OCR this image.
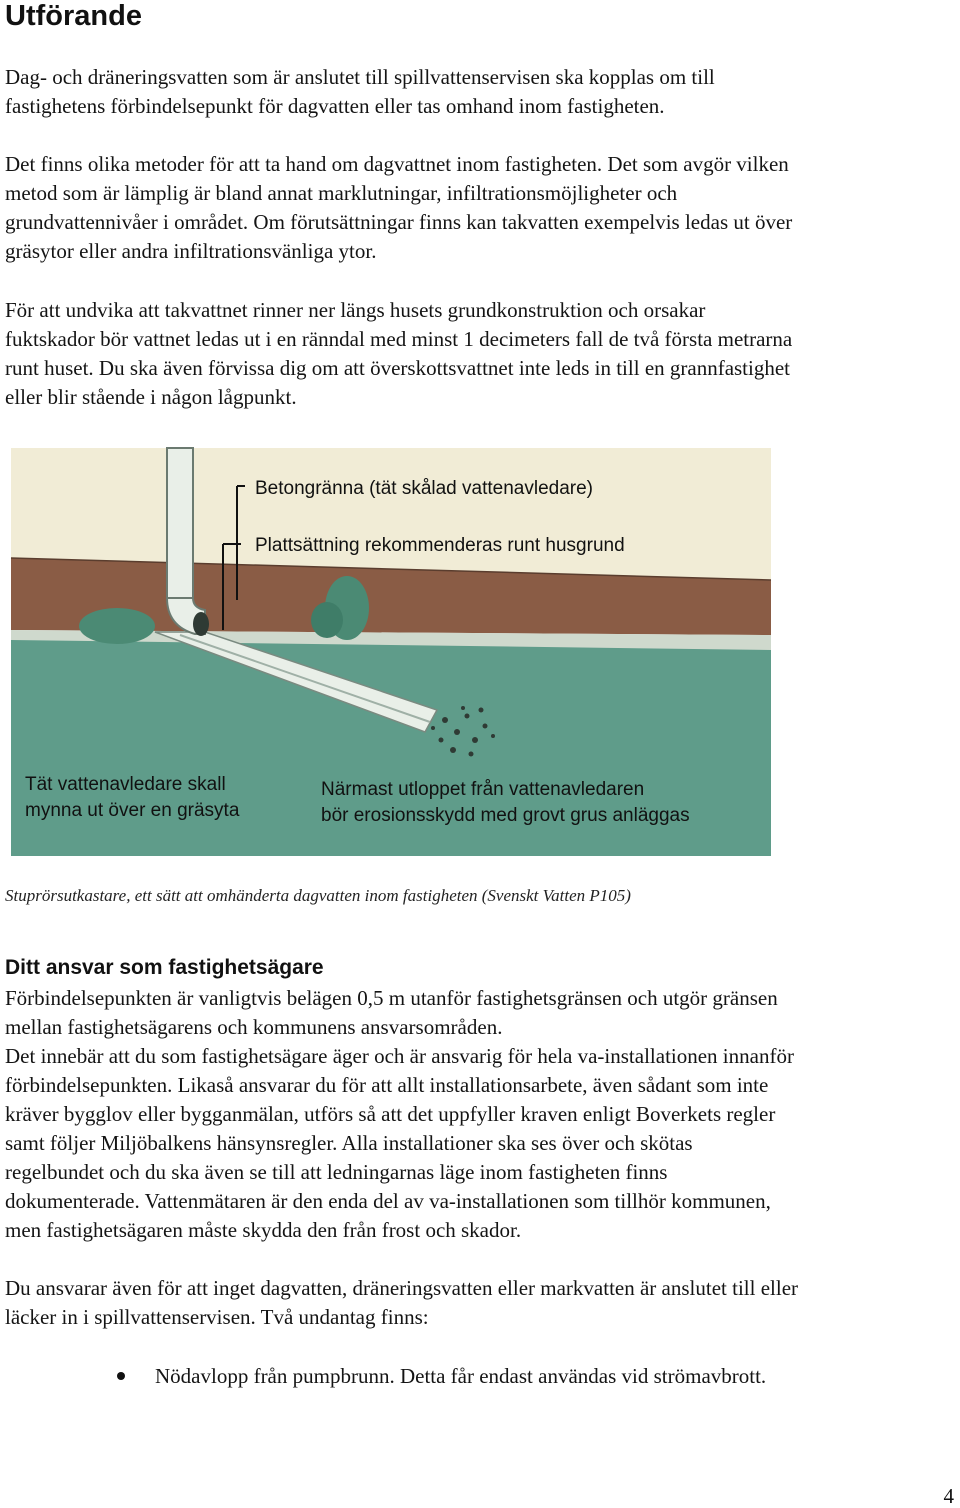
Utförande
Dag- och dräneringsvatten som är anslutet till spillvattenservisen ska kopplas om till
fastighetens förbindelsepunkt för dagvatten eller tas omhand inom fastigheten.
Det finns olika metoder för att ta hand om dagvattnet inom fastigheten. Det som avgör vilken
metod som är lämplig är bland annat marklutningar, infiltrationsmöjligheter och
grundvattennivåer i området. Om förutsättningar finns kan takvatten exempelvis ledas ut över
gräsytor eller andra infiltrationsvänliga ytor.
För att undvika att takvattnet rinner ner längs husets grundkonstruktion och orsakar
fuktskador bör vattnet ledas ut i en ränndal med minst 1 decimeters fall de två första metrarna
runt huset. Du ska även förvissa dig om att överskottsvattnet inte leds in till en grannfastighet
eller blir stående i någon lågpunkt.
Betongränna (tät skålad vattenavledare)
Plattsättning rekommenderas runt husgrund
Tät vattenavledare skall
mynna ut över en gräsyta
Närmast utloppet från vattenavledaren
bör erosionsskydd med grovt grus anläggas

Stuprörsutkastare, ett sätt att omhänderta dagvatten inom fastigheten (Svenskt Vatten P105)

Ditt ansvar som fastighetsägare
Förbindelsepunkten är vanligtvis belägen 0,5 m utanför fastighetsgränsen och utgör gränsen
mellan fastighetsägarens och kommunens ansvarsområden.
Det innebär att du som fastighetsägare äger och är ansvarig för hela va-installationen innanför
förbindelsepunkten. Likaså ansvarar du för att allt installationsarbete, även sådant som inte
kräver bygglov eller bygganmälan, utförs så att det uppfyller kraven enligt Boverkets regler
samt följer Miljöbalkens hänsynsregler. Alla installationer ska ses över och skötas
regelbundet och du ska även se till att ledningarnas läge inom fastigheten finns
dokumenterade. Vattenmätaren är den enda del av va-installationen som tillhör kommunen,
men fastighetsägaren måste skydda den från frost och skador.
Du ansvarar även för att inget dagvatten, dräneringsvatten eller markvatten är anslutet till eller
läcker in i spillvattenservisen. Två undantag finns:
Nödavlopp från pumpbrunn. Detta får endast användas vid strömavbrott.
4
